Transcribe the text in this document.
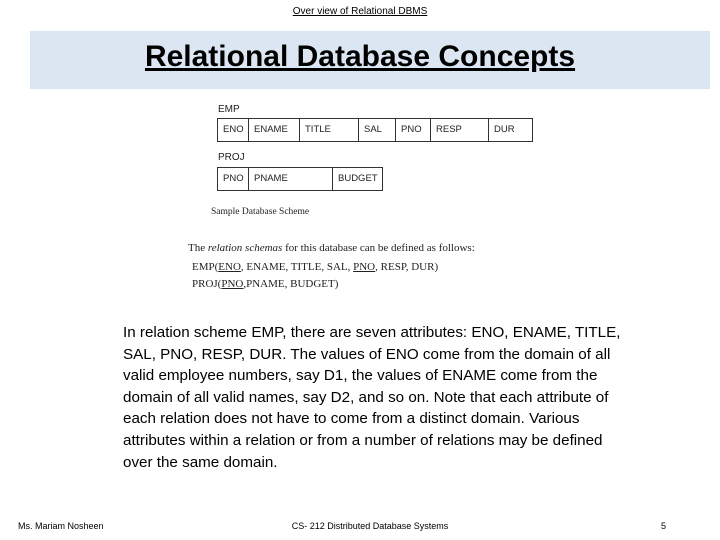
Over view of Relational DBMS
Relational Database Concepts
EMP
ENO	ENAME	TITLE	SAL	PNO	RESP	DUR
PROJ
PNO	PNAME	BUDGET
Sample Database Scheme
The relation schemas for this database can be defined as follows:
EMP(ENO, ENAME, TITLE, SAL, PNO, RESP, DUR)
PROJ(PNO,PNAME, BUDGET)
In relation scheme EMP, there are seven attributes: ENO, ENAME, TITLE, SAL, PNO, RESP, DUR. The values of ENO come from the domain of all valid employee numbers, say D1, the values of ENAME come from the domain of all valid names, say D2, and so on. Note that each attribute of each relation does not have to come from a distinct domain. Various attributes within a relation or from a number of relations may be defined over the same domain.
Ms. Mariam Nosheen	CS- 212 Distributed Database Systems	5
